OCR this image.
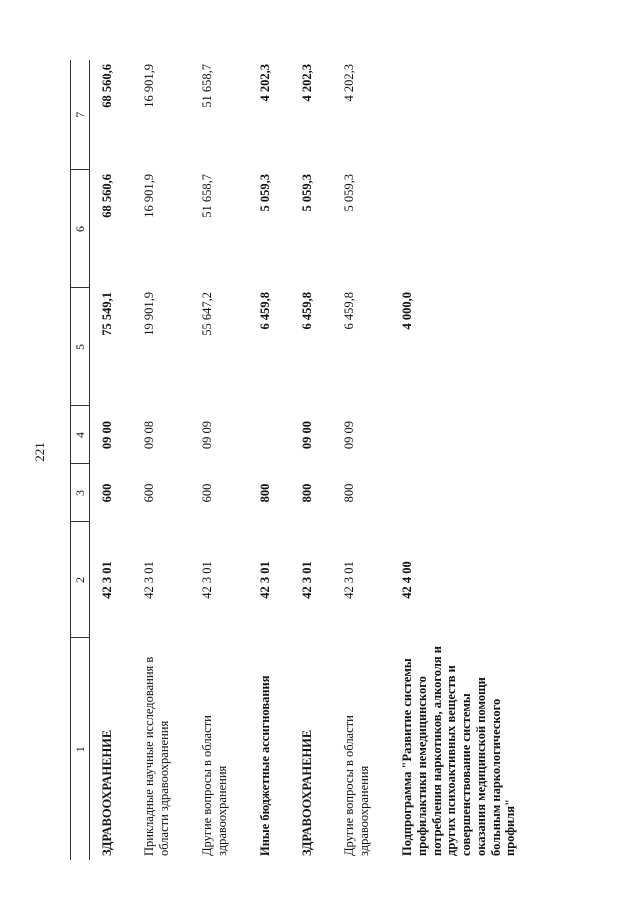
221
1	2	3	4	5	6	7
ЗДРАВООХРАНЕНИЕ	42 3 01	600	09 00	75 549,1	68 560,6	68 560,6
Прикладные научные исследования в области здравоохранения	42 3 01	600	09 08	19 901,9	16 901,9	16 901,9
Другие вопросы в области здравоохранения	42 3 01	600	09 09	55 647,2	51 658,7	51 658,7
Иные бюджетные ассигнования	42 3 01	800		6 459,8	5 059,3	4 202,3
ЗДРАВООХРАНЕНИЕ	42 3 01	800	09 00	6 459,8	5 059,3	4 202,3
Другие вопросы в области здравоохранения	42 3 01	800	09 09	6 459,8	5 059,3	4 202,3
Подпрограмма "Развитие системы профилактики немедицинского потребления наркотиков, алкоголя и других психоактивных веществ и совершенствование системы оказания медицинской помощи больным наркологического профиля"	42 4 00			4 000,0		
